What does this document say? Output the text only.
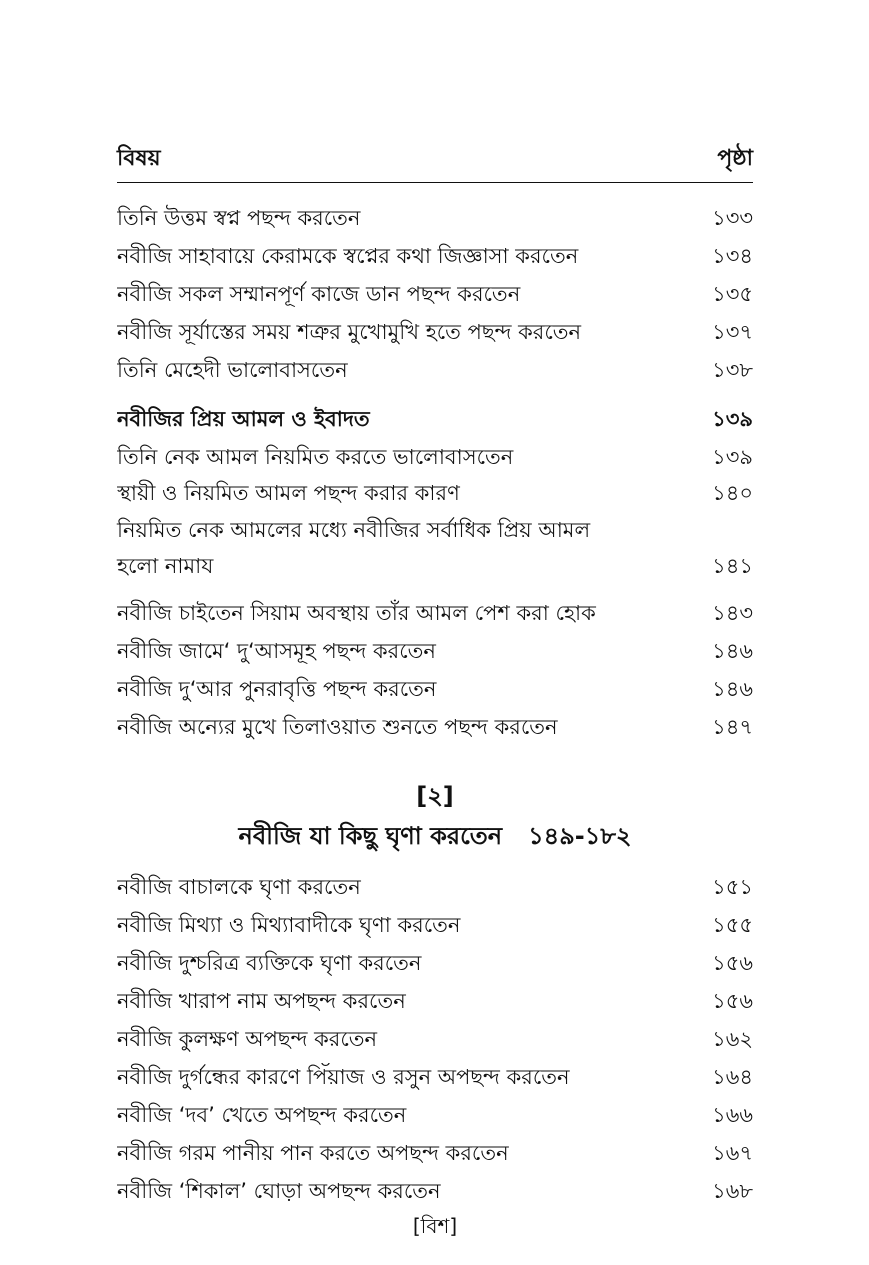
বিষয়	পৃষ্ঠা
তিনি উত্তম স্বপ্ন পছন্দ করতেন	১৩৩
নবীজি সাহাবায়ে কেরামকে স্বপ্নের কথা জিজ্ঞাসা করতেন	১৩৪
নবীজি সকল সম্মানপূর্ণ কাজে ডান পছন্দ করতেন	১৩৫
নবীজি সূর্যাস্তের সময় শত্রুর মুখোমুখি হতে পছন্দ করতেন	১৩৭
তিনি মেহেদী ভালোবাসতেন	১৩৮
নবীজির প্রিয় আমল ও ইবাদত	১৩৯
তিনি নেক আমল নিয়মিত করতে ভালোবাসতেন	১৩৯
স্থায়ী ও নিয়মিত আমল পছন্দ করার কারণ	১৪০
নিয়মিত নেক আমলের মধ্যে নবীজির সর্বাধিক প্রিয় আমল
হলো নামায	১৪১
নবীজি চাইতেন সিয়াম অবস্থায় তাঁর আমল পেশ করা হোক	১৪৩
নবীজি জামে‘ দু‘আসমূহ পছন্দ করতেন	১৪৬
নবীজি দু‘আর পুনরাবৃত্তি পছন্দ করতেন	১৪৬
নবীজি অন্যের মুখে তিলাওয়াত শুনতে পছন্দ করতেন	১৪৭
[২]
নবীজি যা কিছু ঘৃণা করতেন ১৪৯-১৮২
নবীজি বাচালকে ঘৃণা করতেন	১৫১
নবীজি মিথ্যা ও মিথ্যাবাদীকে ঘৃণা করতেন	১৫৫
নবীজি দুশ্চরিত্র ব্যক্তিকে ঘৃণা করতেন	১৫৬
নবীজি খারাপ নাম অপছন্দ করতেন	১৫৬
নবীজি কুলক্ষণ অপছন্দ করতেন	১৬২
নবীজি দুর্গন্ধের কারণে পিঁয়াজ ও রসুন অপছন্দ করতেন	১৬৪
নবীজি ‘দব’ খেতে অপছন্দ করতেন	১৬৬
নবীজি গরম পানীয় পান করতে অপছন্দ করতেন	১৬৭
নবীজি ‘শিকাল’ ঘোড়া অপছন্দ করতেন	১৬৮
[বিশ]
